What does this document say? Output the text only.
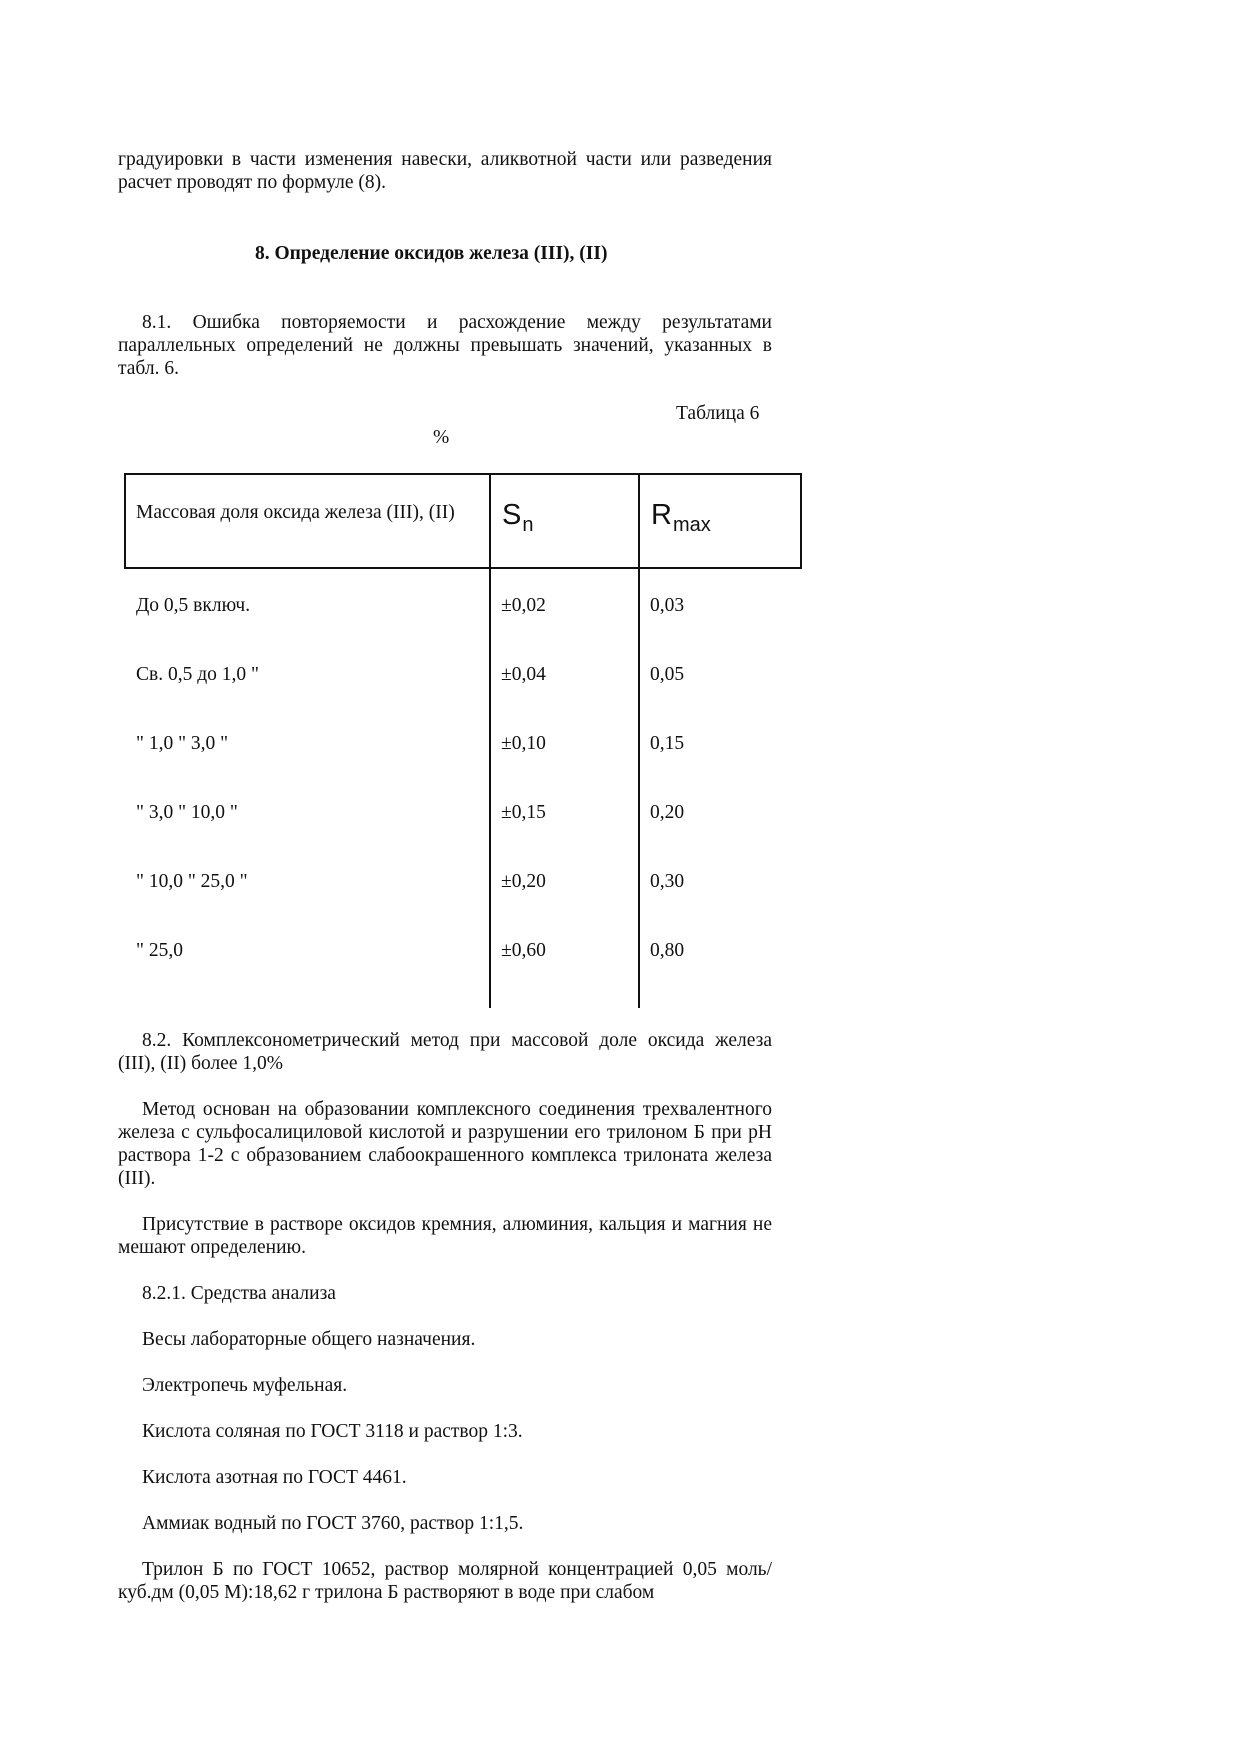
градуировки в части изменения навески, аликвотной части или разведения расчет проводят по формуле (8).

8. Определение оксидов железа (III), (II)

8.1. Ошибка повторяемости и расхождение между результатами параллельных определений не должны превышать значений, указанных в табл. 6.

Таблица 6

%

Массовая доля оксида железа (III), (II) $S_n$	$R_{max}$

До 0,5 включ.	±0,02	0,03

Св. 0,5 до 1,0 "	±0,04	0,05

" 1,0 " 3,0 "	±0,10	0,15

" 3,0 " 10,0 "	±0,15	0,20

" 10,0 " 25,0 "	±0,20	0,30

" 25,0	±0,60	0,80

8.2. Комплексонометрический метод при массовой доле оксида железа (III), (II) более 1,0%

Метод основан на образовании комплексного соединения трехвалентного железа с сульфосалициловой кислотой и разрушении его трилоном Б при рН раствора 1-2 с образованием слабоокрашенного комплекса трилоната железа (III).

Присутствие в растворе оксидов кремния, алюминия, кальция и магния не мешают определению.

8.2.1. Средства анализа

Весы лабораторные общего назначения.

Электропечь муфельная.

Кислота соляная по ГОСТ 3118 и раствор 1:3.

Кислота азотная по ГОСТ 4461.

Аммиак водный по ГОСТ 3760, раствор 1:1,5.

Трилон Б по ГОСТ 10652, раствор молярной концентрацией 0,05 моль/куб.дм (0,05 М):18,62 г трилона Б растворяют в воде при слабом
